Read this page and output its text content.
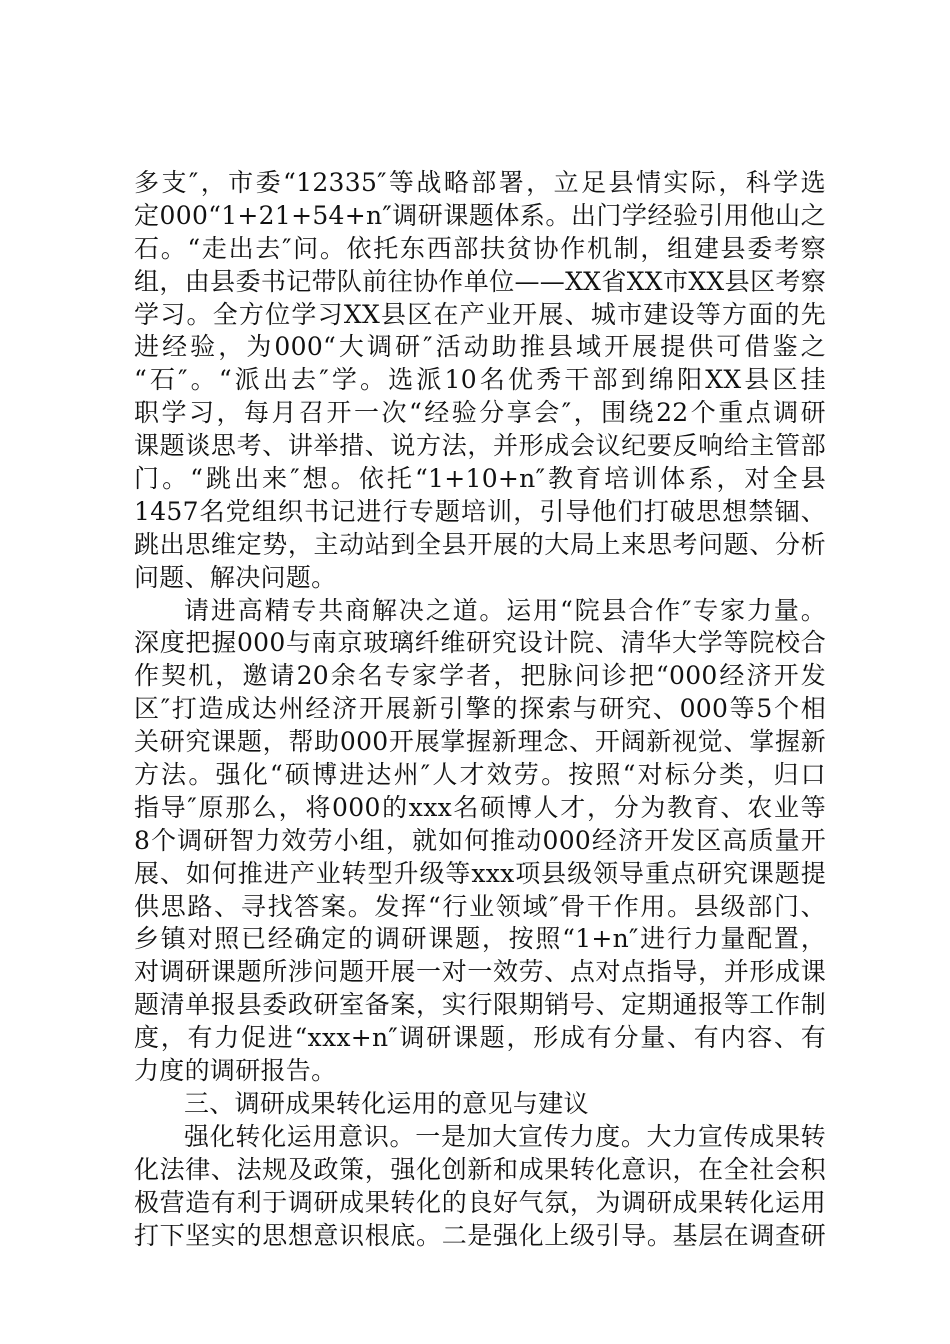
多支″，市委“12335″等战略部署，立足县情实际，科学选
定000“1+21+54+n″调研课题体系。出门学经验引用他山之
石。“走出去″问。依托东西部扶贫协作机制，组建县委考察
组，由县委书记带队前往协作单位——XX省XX市XX县区考察
学习。全方位学习XX县区在产业开展、城市建设等方面的先
进经验，为000“大调研″活动助推县域开展提供可借鉴之
“石″。“派出去″学。选派10名优秀干部到绵阳XX县区挂
职学习，每月召开一次“经验分享会″，围绕22个重点调研
课题谈思考、讲举措、说方法，并形成会议纪要反响给主管部
门。“跳出来″想。依托“1+10+n″教育培训体系，对全县
1457名党组织书记进行专题培训，引导他们打破思想禁锢、
跳出思维定势，主动站到全县开展的大局上来思考问题、分析
问题、解决问题。
请进高精专共商解决之道。运用“院县合作″专家力量。
深度把握000与南京玻璃纤维研究设计院、清华大学等院校合
作契机，邀请20余名专家学者，把脉问诊把“000经济开发
区″打造成达州经济开展新引擎的探索与研究、000等5个相
关研究课题，帮助000开展掌握新理念、开阔新视觉、掌握新
方法。强化“硕博进达州″人才效劳。按照“对标分类，归口
指导″原那么，将000的xxx名硕博人才，分为教育、农业等
8个调研智力效劳小组，就如何推动000经济开发区高质量开
展、如何推进产业转型升级等xxx项县级领导重点研究课题提
供思路、寻找答案。发挥“行业领域″骨干作用。县级部门、
乡镇对照已经确定的调研课题，按照“1+n″进行力量配置，
对调研课题所涉问题开展一对一效劳、点对点指导，并形成课
题清单报县委政研室备案，实行限期销号、定期通报等工作制
度，有力促进“xxx+n″调研课题，形成有分量、有内容、有
力度的调研报告。
三、调研成果转化运用的意见与建议
强化转化运用意识。一是加大宣传力度。大力宣传成果转
化法律、法规及政策，强化创新和成果转化意识，在全社会积
极营造有利于调研成果转化的良好气氛，为调研成果转化运用
打下坚实的思想意识根底。二是强化上级引导。基层在调查研
